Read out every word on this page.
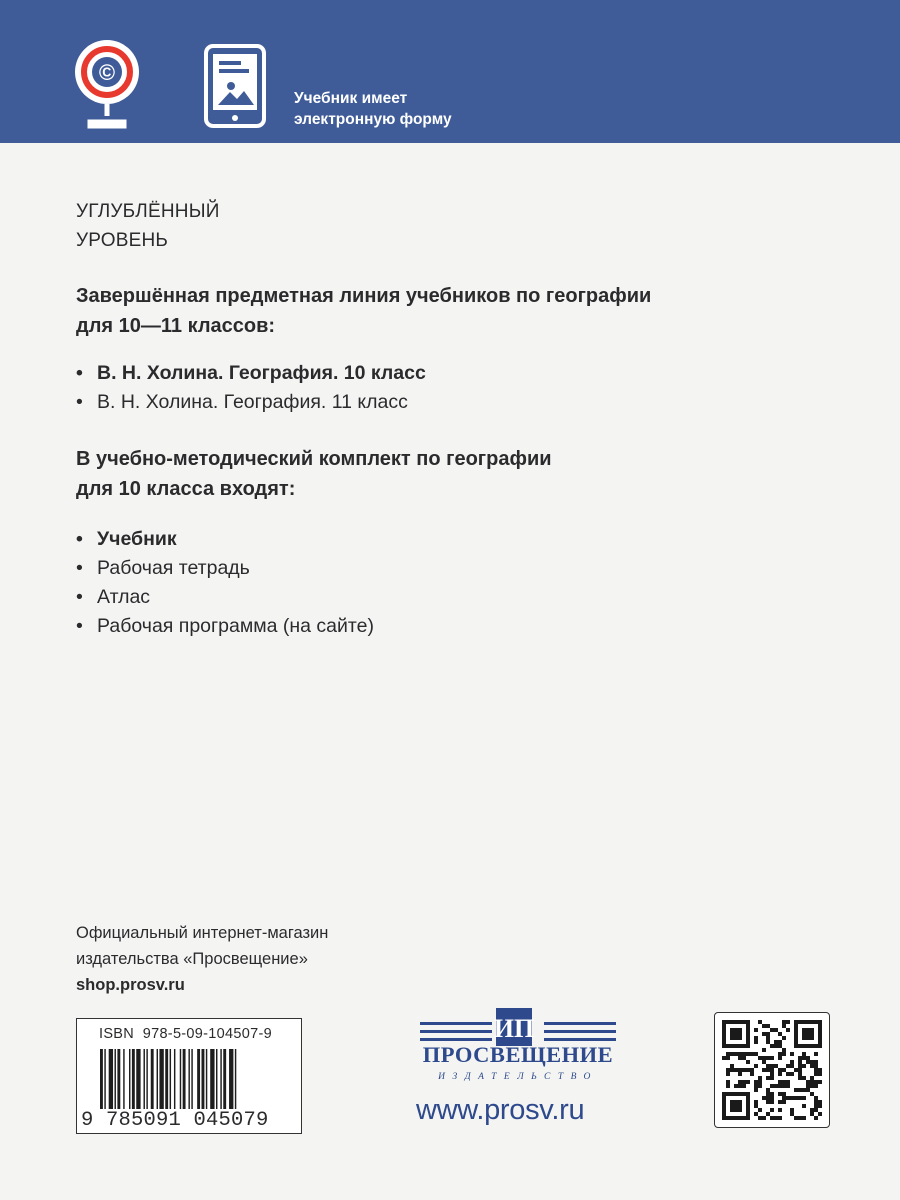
©
Учебник имеет
электронную форму
УГЛУБЛЁННЫЙ
УРОВЕНЬ
Завершённая предметная линия учебников по географии
для 10—11 классов:
• В. Н. Холина. География. 10 класс
• В. Н. Холина. География. 11 класс
В учебно-методический комплект по географии
для 10 класса входят:
• Учебник
• Рабочая тетрадь
• Атлас
• Рабочая программа (на сайте)
Официальный интернет-магазин
издательства «Просвещение»
shop.prosv.ru
ISBN 978-5-09-104507-9
9 785091 045079
ИП
ПРОСВЕЩЕНИЕ
ИЗДАТЕЛЬСТВО
www.prosv.ru
